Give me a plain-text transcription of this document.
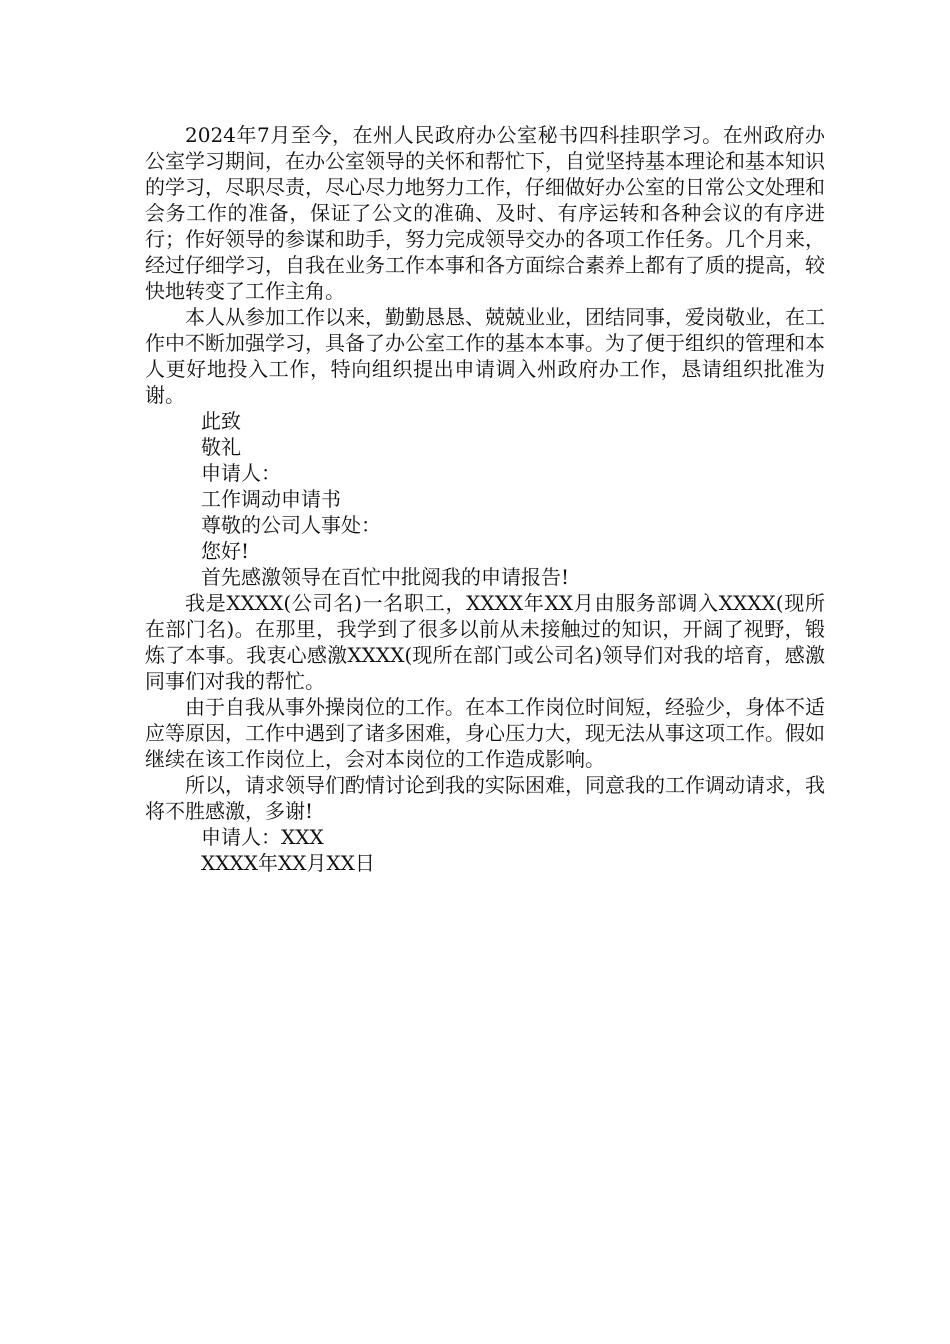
2024年7月至今，在州人民政府办公室秘书四科挂职学习。在州政府办公室学习期间，在办公室领导的关怀和帮忙下，自觉坚持基本理论和基本知识的学习，尽职尽责，尽心尽力地努力工作，仔细做好办公室的日常公文处理和会务工作的准备，保证了公文的准确、及时、有序运转和各种会议的有序进行；作好领导的参谋和助手，努力完成领导交办的各项工作任务。几个月来，经过仔细学习，自我在业务工作本事和各方面综合素养上都有了质的提高，较快地转变了工作主角。

本人从参加工作以来，勤勤恳恳、兢兢业业，团结同事，爱岗敬业，在工作中不断加强学习，具备了办公室工作的基本本事。为了便于组织的管理和本人更好地投入工作，特向组织提出申请调入州政府办工作，恳请组织批准为谢。

此致

敬礼

申请人：

工作调动申请书

尊敬的公司人事处：

您好!

首先感激领导在百忙中批阅我的申请报告!

我是XXXX(公司名)一名职工，XXXX年XX月由服务部调入XXXX(现所在部门名)。在那里，我学到了很多以前从未接触过的知识，开阔了视野，锻炼了本事。我衷心感激XXXX(现所在部门或公司名)领导们对我的培育，感激同事们对我的帮忙。

由于自我从事外操岗位的工作。在本工作岗位时间短，经验少，身体不适应等原因，工作中遇到了诸多困难，身心压力大，现无法从事这项工作。假如继续在该工作岗位上，会对本岗位的工作造成影响。

所以，请求领导们酌情讨论到我的实际困难，同意我的工作调动请求，我将不胜感激，多谢!

申请人：XXX

XXXX年XX月XX日
